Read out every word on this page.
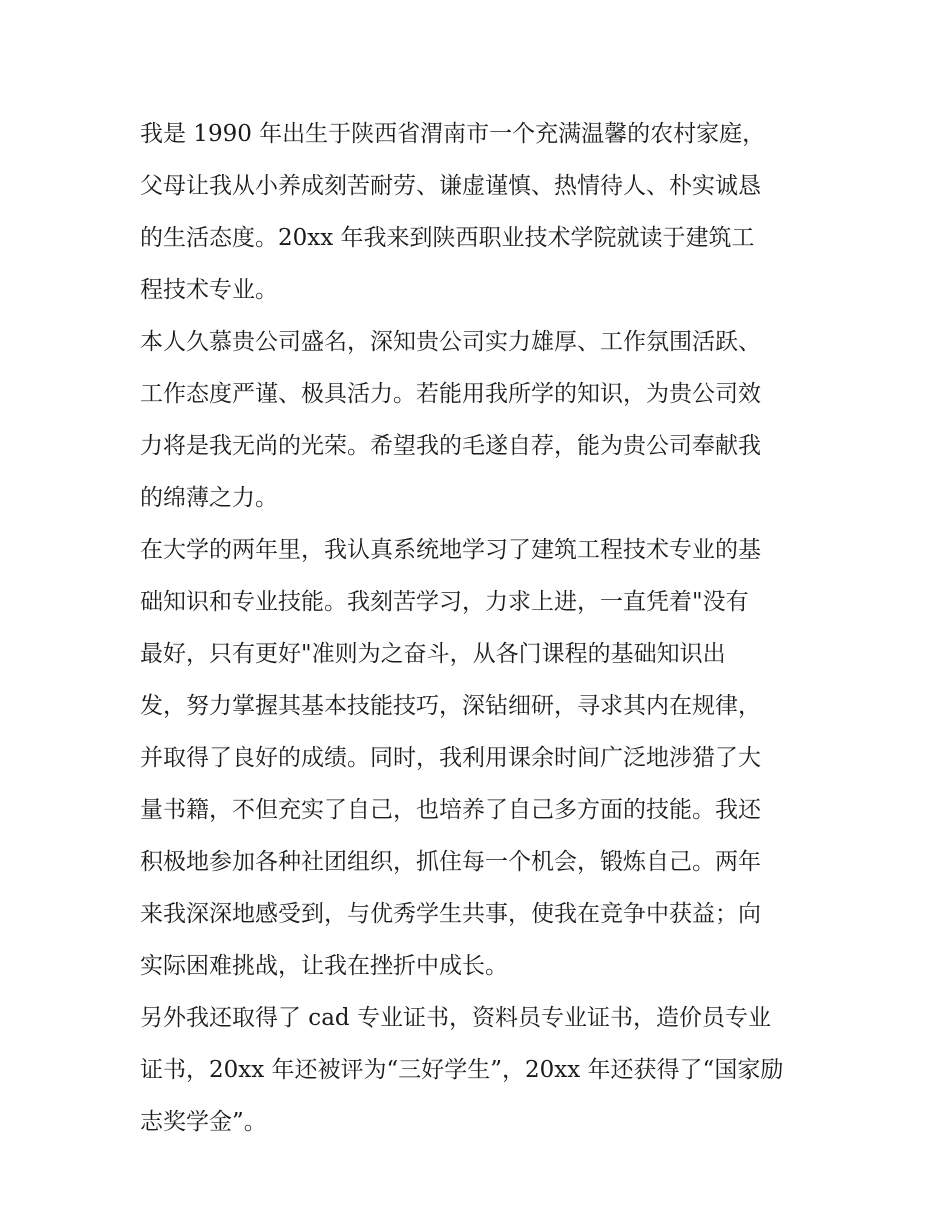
我是 1990 年出生于陕西省渭南市一个充满温馨的农村家庭，
父母让我从小养成刻苦耐劳、谦虚谨慎、热情待人、朴实诚恳
的生活态度。20xx 年我来到陕西职业技术学院就读于建筑工
程技术专业。
本人久慕贵公司盛名，深知贵公司实力雄厚、工作氛围活跃、
工作态度严谨、极具活力。若能用我所学的知识，为贵公司效
力将是我无尚的光荣。希望我的毛遂自荐，能为贵公司奉献我
的绵薄之力。
在大学的两年里，我认真系统地学习了建筑工程技术专业的基
础知识和专业技能。我刻苦学习，力求上进，一直凭着"没有
最好，只有更好"准则为之奋斗，从各门课程的基础知识出
发，努力掌握其基本技能技巧，深钻细研，寻求其内在规律，
并取得了良好的成绩。同时，我利用课余时间广泛地涉猎了大
量书籍，不但充实了自己，也培养了自己多方面的技能。我还
积极地参加各种社团组织，抓住每一个机会，锻炼自己。两年
来我深深地感受到，与优秀学生共事，使我在竞争中获益；向
实际困难挑战，让我在挫折中成长。
另外我还取得了 cad 专业证书，资料员专业证书，造价员专业
证书，20xx 年还被评为“三好学生”，20xx 年还获得了“国家励
志奖学金”。
